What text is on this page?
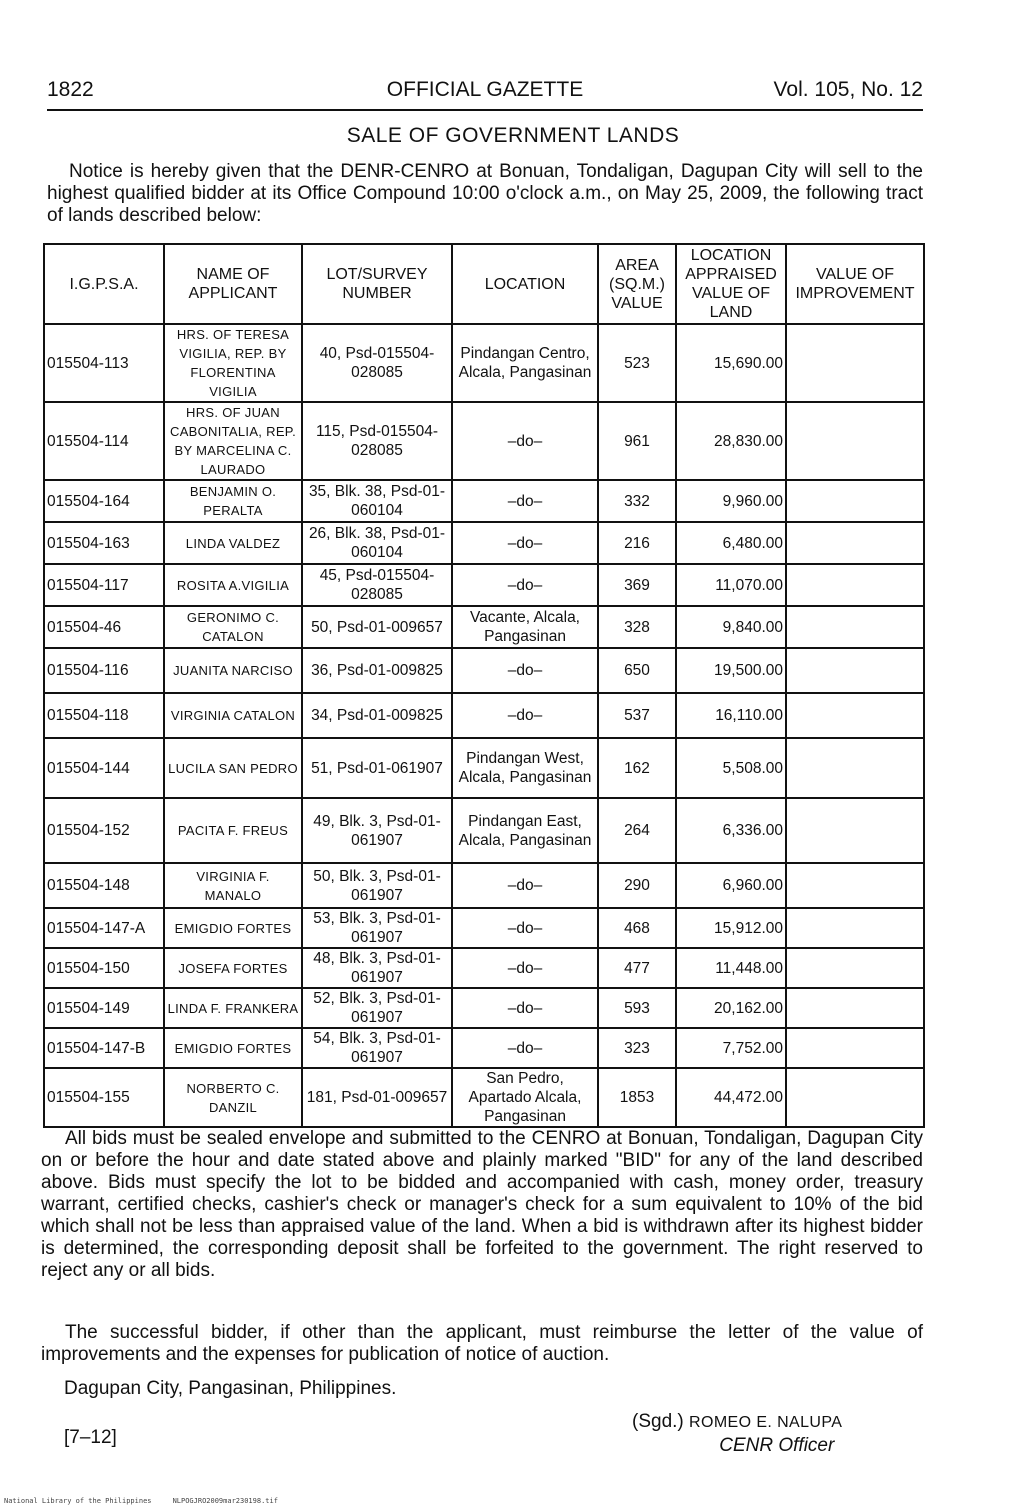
1822	OFFICIAL GAZETTE	Vol. 105, No. 12
SALE OF GOVERNMENT LANDS

Notice is hereby given that the DENR-CENRO at Bonuan, Tondaligan, Dagupan City will sell to the highest qualified bidder at its Office Compound 10:00 o'clock a.m., on May 25, 2009, the following tract of lands described below:

I.G.P.S.A.	NAME OF APPLICANT	LOT/SURVEY NUMBER	LOCATION	AREA (SQ.M.) VALUE	LOCATION APPRAISED VALUE OF LAND	VALUE OF IMPROVEMENT
015504-113	HRS. OF TERESA VIGILIA, REP. BY FLORENTINA VIGILIA	40, Psd-015504-028085	Pindangan Centro, Alcala, Pangasinan	523	15,690.00	
015504-114	HRS. OF JUAN CABONITALIA, REP. BY MARCELINA C. LAURADO	115, Psd-015504-028085	–do–	961	28,830.00	
015504-164	BENJAMIN O. PERALTA	35, Blk. 38, Psd-01-060104	–do–	332	9,960.00	
015504-163	LINDA VALDEZ	26, Blk. 38, Psd-01-060104	–do–	216	6,480.00	
015504-117	ROSITA A.VIGILIA	45, Psd-015504-028085	–do–	369	11,070.00	
015504-46	GERONIMO C. CATALON	50, Psd-01-009657	Vacante, Alcala, Pangasinan	328	9,840.00	
015504-116	JUANITA NARCISO	36, Psd-01-009825	–do–	650	19,500.00	
015504-118	VIRGINIA CATALON	34, Psd-01-009825	–do–	537	16,110.00	
015504-144	LUCILA SAN PEDRO	51, Psd-01-061907	Pindangan West, Alcala, Pangasinan	162	5,508.00	
015504-152	PACITA F. FREUS	49, Blk. 3, Psd-01-061907	Pindangan East, Alcala, Pangasinan	264	6,336.00	
015504-148	VIRGINIA F. MANALO	50, Blk. 3, Psd-01-061907	–do–	290	6,960.00	
015504-147-A	EMIGDIO FORTES	53, Blk. 3, Psd-01-061907	–do–	468	15,912.00	
015504-150	JOSEFA FORTES	48, Blk. 3, Psd-01-061907	–do–	477	11,448.00	
015504-149	LINDA F. FRANKERA	52, Blk. 3, Psd-01-061907	–do–	593	20,162.00	
015504-147-B	EMIGDIO FORTES	54, Blk. 3, Psd-01-061907	–do–	323	7,752.00	
015504-155	NORBERTO C. DANZIL	181, Psd-01-009657	San Pedro, Apartado Alcala, Pangasinan	1853	44,472.00	

All bids must be sealed envelope and submitted to the CENRO at Bonuan, Tondaligan, Dagupan City on or before the hour and date stated above and plainly marked "BID" for any of the land described above. Bids must specify the lot to be bidded and accompanied with cash, money order, treasury warrant, certified checks, cashier's check or manager's check for a sum equivalent to 10% of the bid which shall not be less than appraised value of the land. When a bid is withdrawn after its highest bidder is determined, the corresponding deposit shall be forfeited to the government. The right reserved to reject any or all bids.

The successful bidder, if other than the applicant, must reimburse the letter of the value of improvements and the expenses for publication of notice of auction.

Dagupan City, Pangasinan, Philippines.
(Sgd.) ROMEO E. NALUPA
CENR Officer
[7–12]
National Library of the Philippines     NLPOGJRO2009mar230198.tif
